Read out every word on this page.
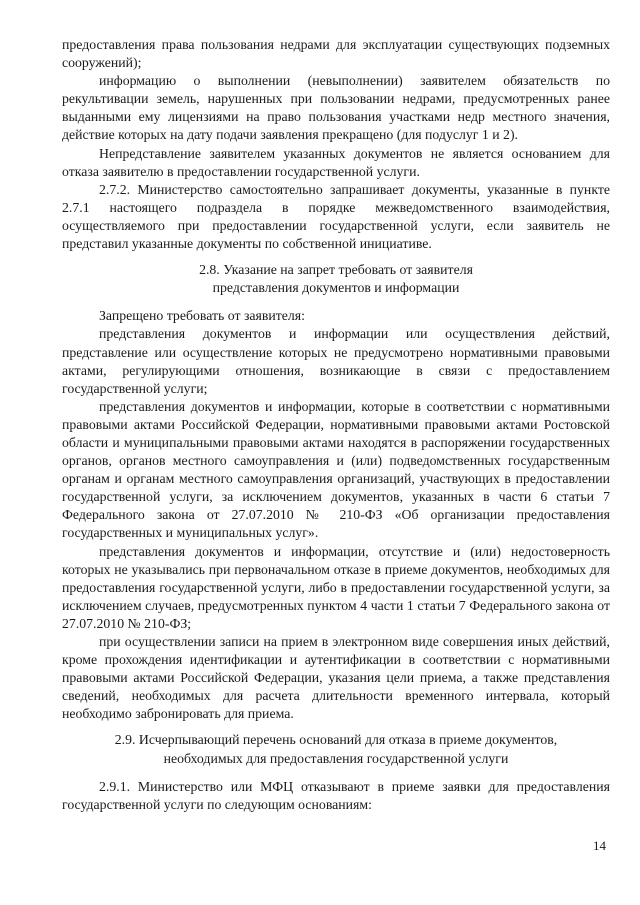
предоставления права пользования недрами для эксплуатации существующих подземных сооружений);

информацию о выполнении (невыполнении) заявителем обязательств по рекультивации земель, нарушенных при пользовании недрами, предусмотренных ранее выданными ему лицензиями на право пользования участками недр местного значения, действие которых на дату подачи заявления прекращено (для подуслуг 1 и 2).

Непредставление заявителем указанных документов не является основанием для отказа заявителю в предоставлении государственной услуги.

2.7.2. Министерство самостоятельно запрашивает документы, указанные в пункте 2.7.1 настоящего подраздела в порядке межведомственного взаимодействия, осуществляемого при предоставлении государственной услуги, если заявитель не представил указанные документы по собственной инициативе.

2.8. Указание на запрет требовать от заявителя
представления документов и информации

Запрещено требовать от заявителя:

представления документов и информации или осуществления действий, представление или осуществление которых не предусмотрено нормативными правовыми актами, регулирующими отношения, возникающие в связи с предоставлением государственной услуги;

представления документов и информации, которые в соответствии с нормативными правовыми актами Российской Федерации, нормативными правовыми актами Ростовской области и муниципальными правовыми актами находятся в распоряжении государственных органов, органов местного самоуправления и (или) подведомственных государственным органам и органам местного самоуправления организаций, участвующих в предоставлении государственной услуги, за исключением документов, указанных в части 6 статьи 7 Федерального закона от 27.07.2010 № 210-ФЗ «Об организации предоставления государственных и муниципальных услуг».

представления документов и информации, отсутствие и (или) недостоверность которых не указывались при первоначальном отказе в приеме документов, необходимых для предоставления государственной услуги, либо в предоставлении государственной услуги, за исключением случаев, предусмотренных пунктом 4 части 1 статьи 7 Федерального закона от 27.07.2010 № 210-ФЗ;

при осуществлении записи на прием в электронном виде совершения иных действий, кроме прохождения идентификации и аутентификации в соответствии с нормативными правовыми актами Российской Федерации, указания цели приема, а также представления сведений, необходимых для расчета длительности временного интервала, который необходимо забронировать для приема.

2.9. Исчерпывающий перечень оснований для отказа в приеме документов,
необходимых для предоставления государственной услуги

2.9.1. Министерство или МФЦ отказывают в приеме заявки для предоставления государственной услуги по следующим основаниям:

14
